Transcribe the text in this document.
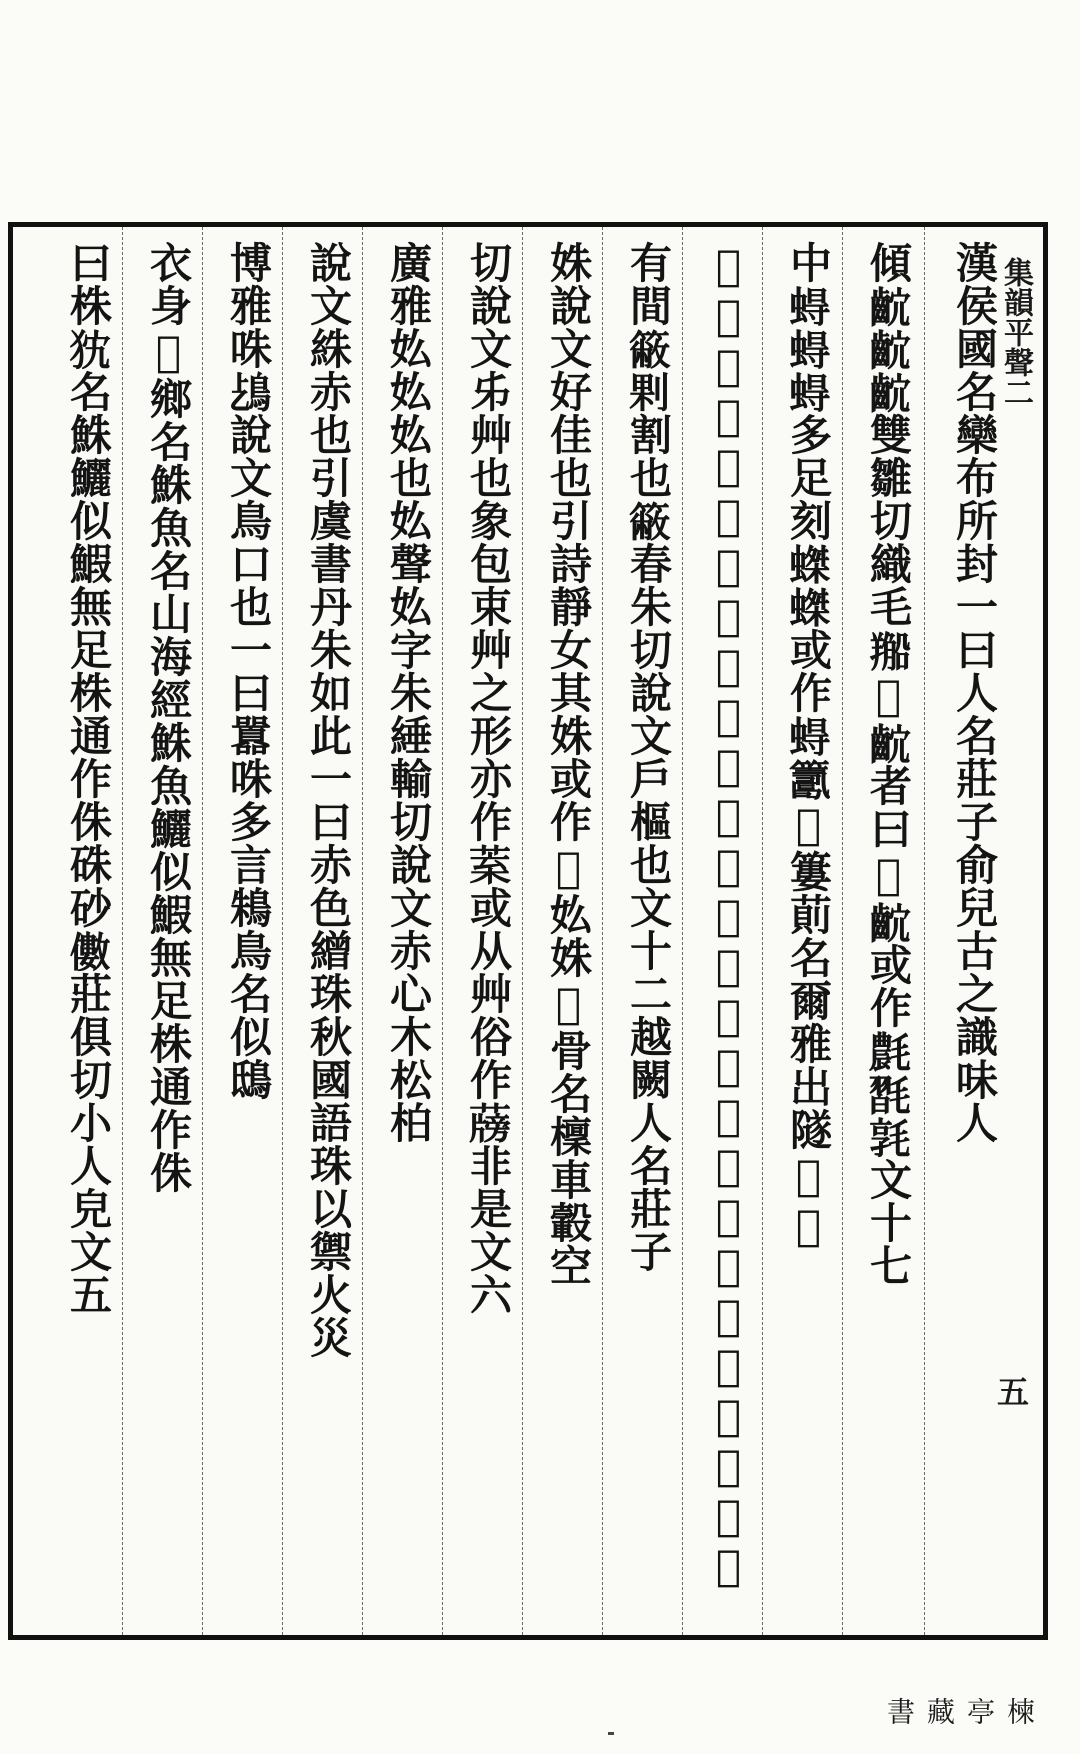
漢侯國名欒布所封一曰人名莊子俞兒古之識味人
傾𪗴𪗴𪗴雙雛切織毛𦏂𣮂𪗴者曰𣮂𪗴或作𣰊𣯮𣮢文十七
中𧍋𧍋𧍋多足刻𧎩𧎩或作𧍋𥵽𦫋簍萴名爾雅出隧𦫋𦫋
𣲬博雅𣲬說文飯筥也受五升秦謂筥曰𥶄𣯨毛起皃八荒中有毛人
有間𥳆𠜴割也𥳆春朱切說文戶樞也文十二越闕人名莊子
姝說文好佳也引詩靜女其姝或作𡛴𡚸姝𩨭骨名檁車轂空
切說文𠂔艸也象包束艸之形亦作𦯧或从艸俗作𦾭非是文六
廣雅𡚸𡚸𡚸也𡚸聲𡚸字朱綞輸切說文赤心木松柏
說文絑赤也引虞書丹朱如此一曰赤色繒珠秋國語珠以禦火災
博雅咮𩾤說文鳥口也一曰囂咮多言鴸鳥名似鴟
衣身𤛓鄉名鮢魚名山海經鮢魚鱺似鰕無足株通作侏
曰株𤝨名鮢鱺似鰕無足株通作侏硃砂𠐍莊俱切小人皃文五	集韻平聲二
五
楝亭藏書
